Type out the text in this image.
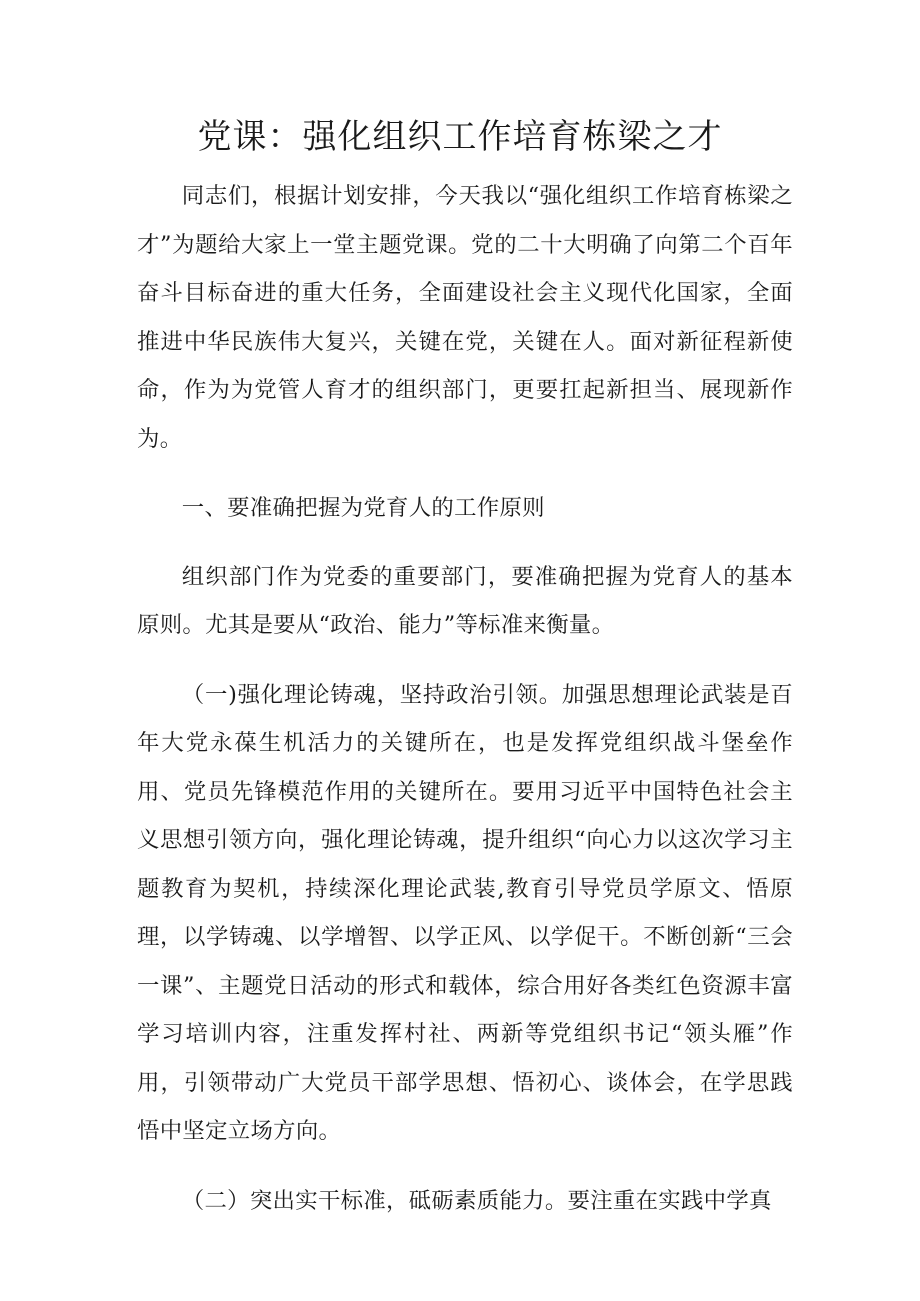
党课：强化组织工作培育栋梁之才

同志们，根据计划安排，今天我以“强化组织工作培育栋梁之才”为题给大家上一堂主题党课。党的二十大明确了向第二个百年奋斗目标奋进的重大任务，全面建设社会主义现代化国家，全面推进中华民族伟大复兴，关键在党，关键在人。面对新征程新使命，作为为党管人育才的组织部门，更要扛起新担当、展现新作为。

一、要准确把握为党育人的工作原则

组织部门作为党委的重要部门，要准确把握为党育人的基本原则。尤其是要从“政治、能力”等标准来衡量。

（一)强化理论铸魂，坚持政治引领。加强思想理论武装是百年大党永葆生机活力的关键所在，也是发挥党组织战斗堡垒作用、党员先锋模范作用的关键所在。要用习近平中国特色社会主义思想引领方向，强化理论铸魂，提升组织“向心力以这次学习主题教育为契机，持续深化理论武装,教育引导党员学原文、悟原理，以学铸魂、以学增智、以学正风、以学促干。不断创新“三会一课”、主题党日活动的形式和载体，综合用好各类红色资源丰富学习培训内容，注重发挥村社、两新等党组织书记“领头雁”作用，引领带动广大党员干部学思想、悟初心、谈体会，在学思践悟中坚定立场方向。

（二）突出实干标准，砥砺素质能力。要注重在实践中学真
